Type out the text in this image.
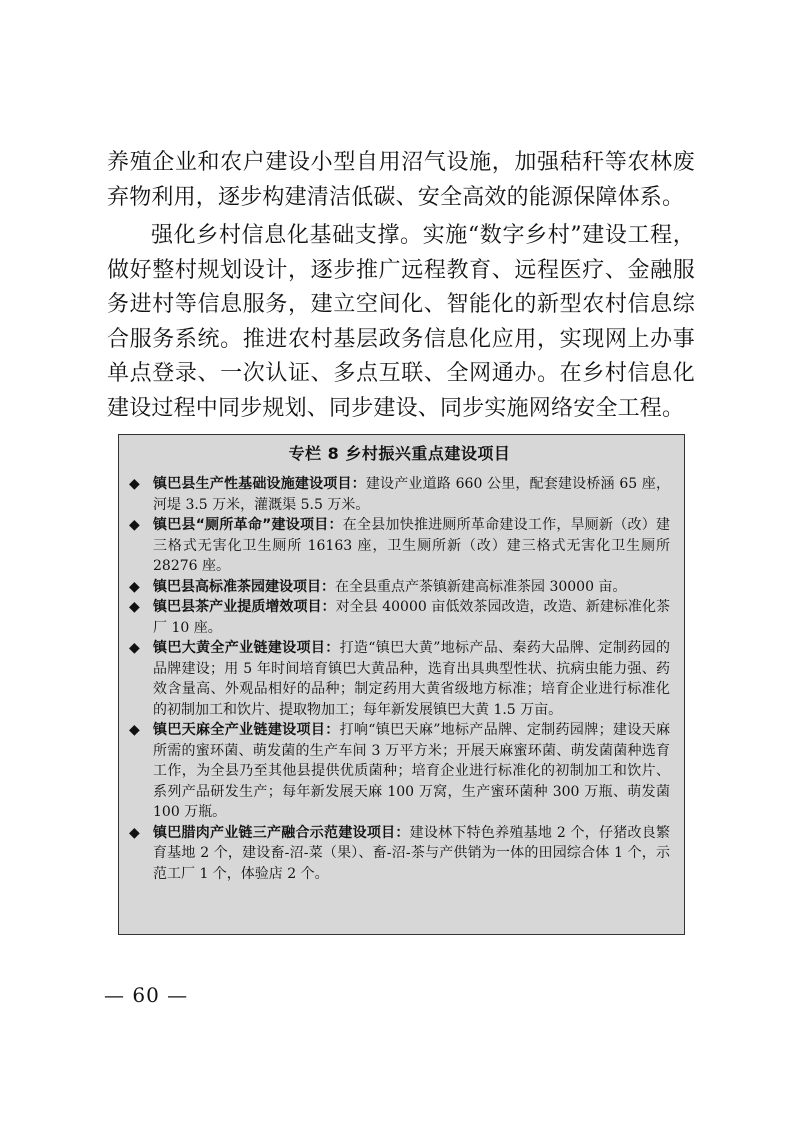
养殖企业和农户建设小型自用沼气设施，加强秸秆等农林废弃物利用，逐步构建清洁低碳、安全高效的能源保障体系。

强化乡村信息化基础支撑。实施“数字乡村”建设工程，做好整村规划设计，逐步推广远程教育、远程医疗、金融服务进村等信息服务，建立空间化、智能化的新型农村信息综合服务系统。推进农村基层政务信息化应用，实现网上办事单点登录、一次认证、多点互联、全网通办。在乡村信息化建设过程中同步规划、同步建设、同步实施网络安全工程。

专栏 8 乡村振兴重点建设项目
◆ 镇巴县生产性基础设施建设项目：建设产业道路 660 公里，配套建设桥涵 65 座，河堤 3.5 万米，灌溉渠 5.5 万米。
◆ 镇巴县“厕所革命”建设项目：在全县加快推进厕所革命建设工作，旱厕新（改）建三格式无害化卫生厕所 16163 座，卫生厕所新（改）建三格式无害化卫生厕所 28276 座。
◆ 镇巴县高标准茶园建设项目：在全县重点产茶镇新建高标准茶园 30000 亩。
◆ 镇巴县茶产业提质增效项目：对全县 40000 亩低效茶园改造，改造、新建标准化茶厂 10 座。
◆ 镇巴大黄全产业链建设项目：打造“镇巴大黄”地标产品、秦药大品牌、定制药园的品牌建设；用 5 年时间培育镇巴大黄品种，选育出具典型性状、抗病虫能力强、药效含量高、外观品相好的品种；制定药用大黄省级地方标准；培育企业进行标准化的初制加工和饮片、提取物加工；每年新发展镇巴大黄 1.5 万亩。
◆ 镇巴天麻全产业链建设项目：打响“镇巴天麻”地标产品牌、定制药园牌；建设天麻所需的蜜环菌、萌发菌的生产车间 3 万平方米；开展天麻蜜环菌、萌发菌菌种选育工作，为全县乃至其他县提供优质菌种；培育企业进行标准化的初制加工和饮片、系列产品研发生产；每年新发展天麻 100 万窝，生产蜜环菌种 300 万瓶、萌发菌 100 万瓶。
◆ 镇巴腊肉产业链三产融合示范建设项目：建设林下特色养殖基地 2 个，仔猪改良繁育基地 2 个，建设畜-沼-菜（果）、畜-沼-茶与产供销为一体的田园综合体 1 个，示范工厂 1 个，体验店 2 个。
— 60 —
